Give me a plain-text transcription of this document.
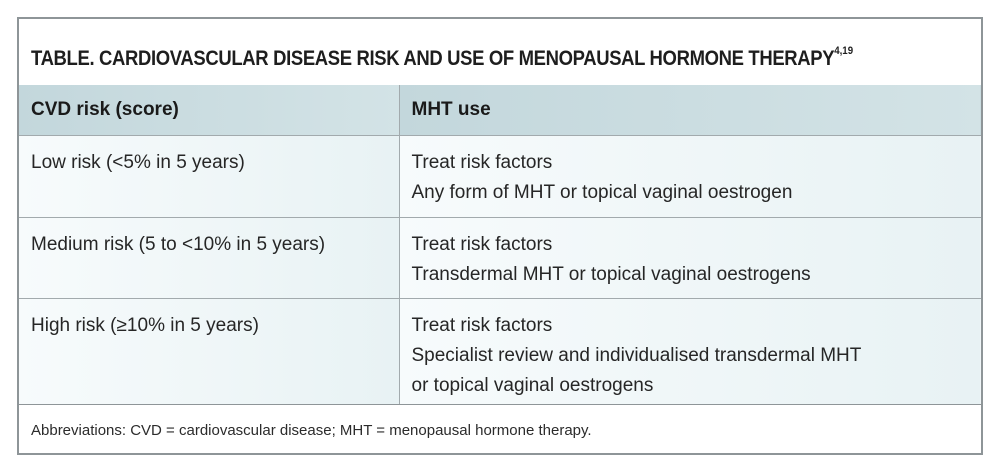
TABLE. CARDIOVASCULAR DISEASE RISK AND USE OF MENOPAUSAL HORMONE THERAPY$^{4,19}$
CVD risk (score)	MHT use

Low risk (<5% in 5 years)	Treat risk factors
Any form of MHT or topical vaginal oestrogen

Medium risk (5 to <10% in 5 years)	Treat risk factors
Transdermal MHT or topical vaginal oestrogens

High risk (≥10% in 5 years)	Treat risk factors
Specialist review and individualised transdermal MHT
or topical vaginal oestrogens

Abbreviations: CVD = cardiovascular disease; MHT = menopausal hormone therapy.
